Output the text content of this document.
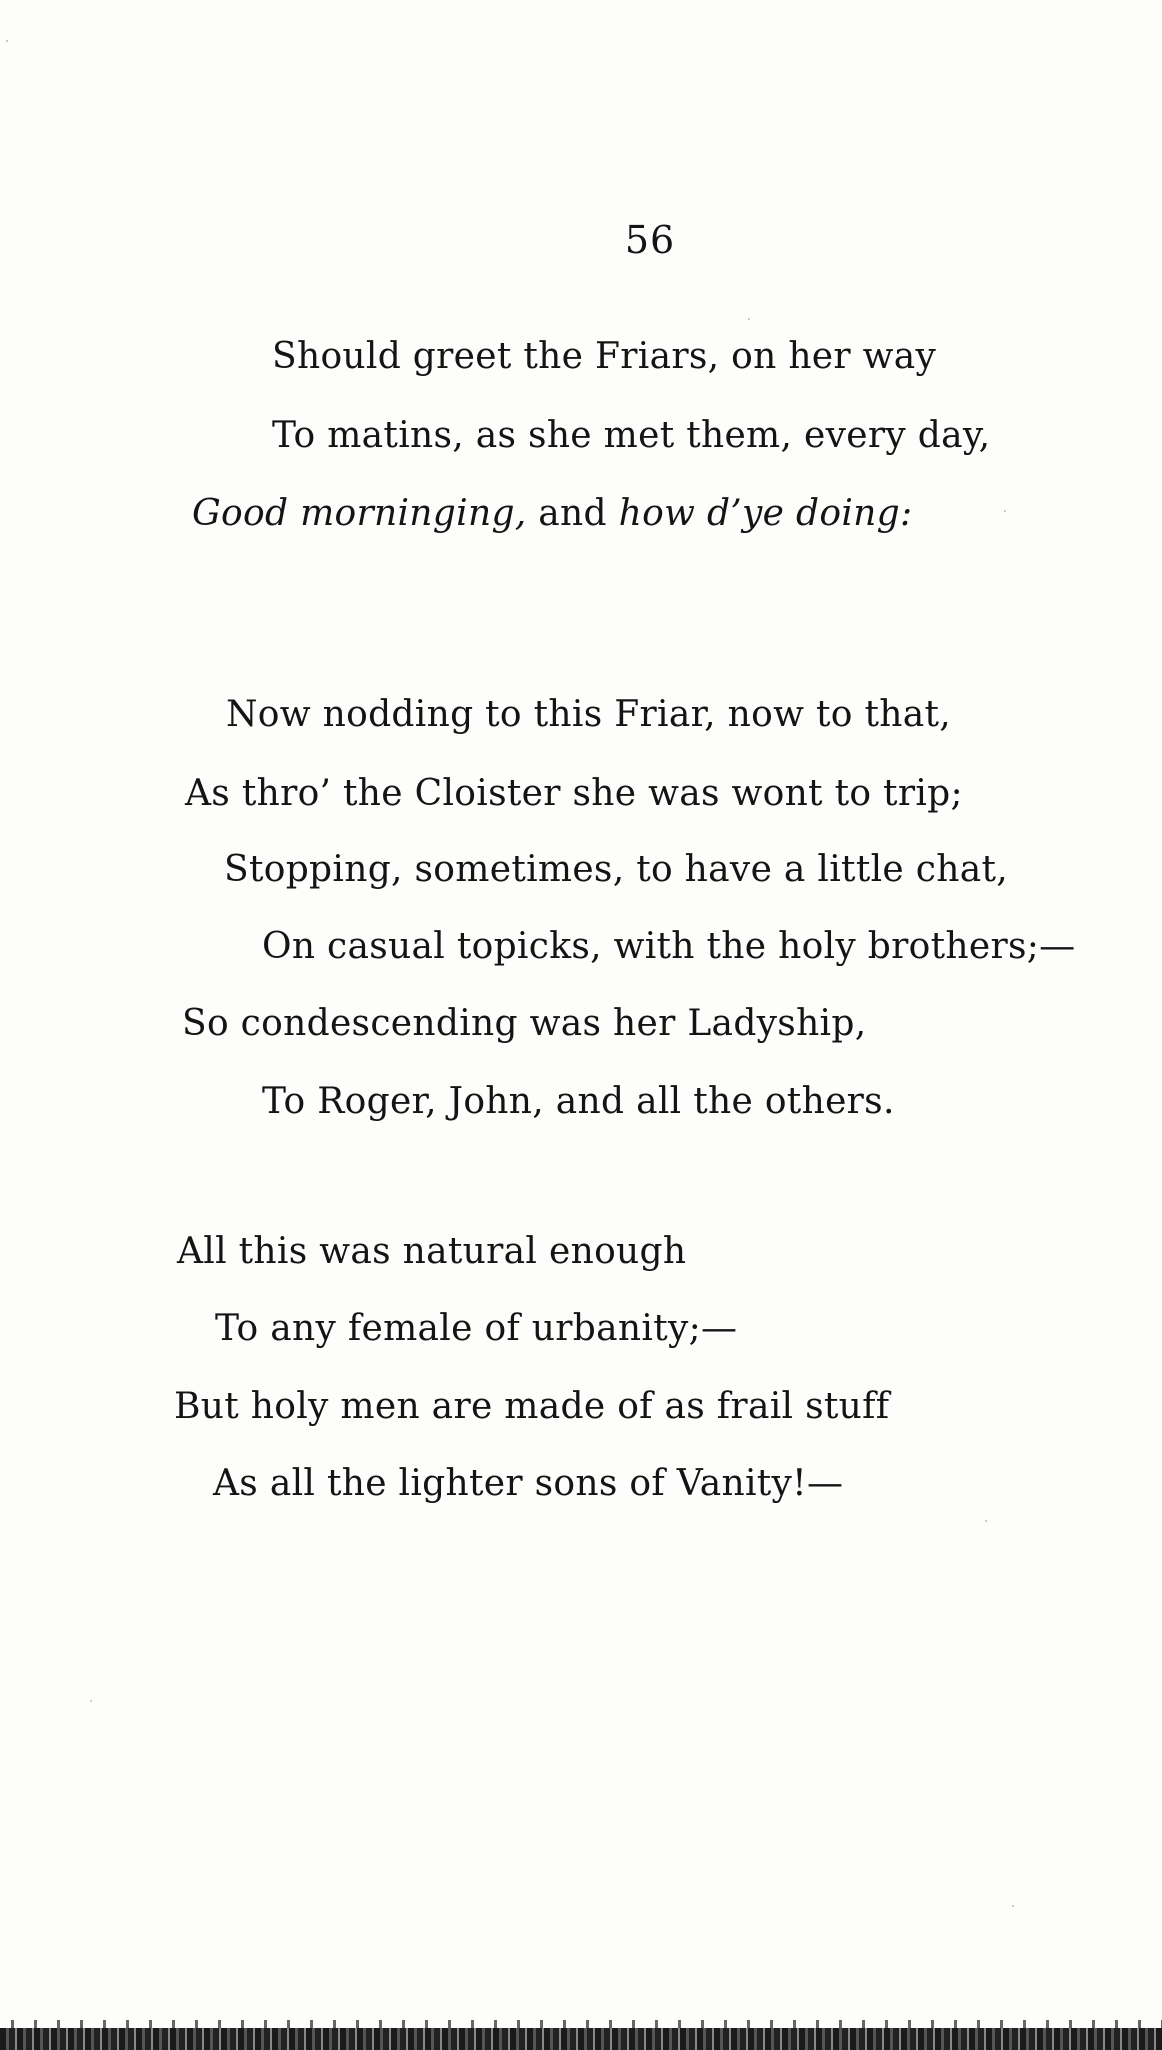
56
Should greet the Friars, on her way
To matins, as she met them, every day,
Good morninging, and how d’ye doing:
Now nodding to this Friar, now to that,
As thro’ the Cloister she was wont to trip;
Stopping, sometimes, to have a little chat,
On casual topicks, with the holy brothers;—
So condescending was her Ladyship,
To Roger, John, and all the others.
All this was natural enough
To any female of urbanity;—
But holy men are made of as frail stuff
As all the lighter sons of Vanity!—
